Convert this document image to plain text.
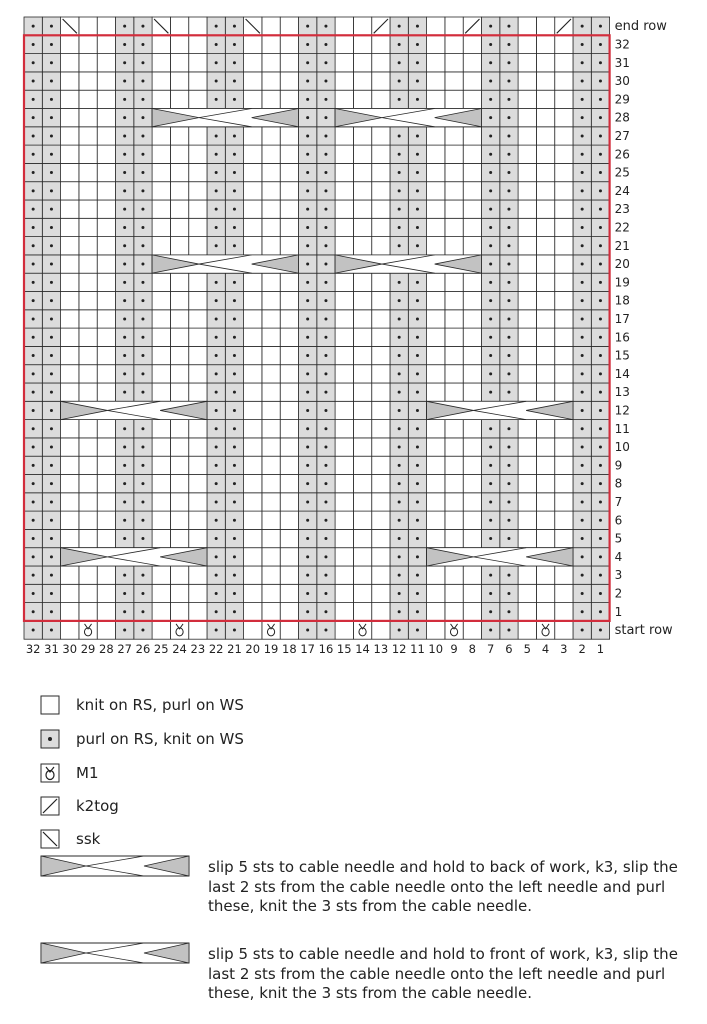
1
2
3
4
5
6
7
8
9
10
11
12
13
14
15
16
17
18
19
20
21
22
23
24
25
26
27
28
29
30
31
32
end row
start row
32 31 30 29 28 27 26 25 24 23 22 21 20 19 18 17 16 15 14 13 12 11 10 9 8 7 6 5 4 3 2 1
knit on RS, purl on WS
purl on RS, knit on WS
M1
k2tog
ssk
slip 5 sts to cable needle and hold to back of work, k3, slip the last 2 sts from the cable needle onto the left needle and purl these, knit the 3 sts from the cable needle.
slip 5 sts to cable needle and hold to front of work, k3, slip the last 2 sts from the cable needle onto the left needle and purl these, knit the 3 sts from the cable needle.
